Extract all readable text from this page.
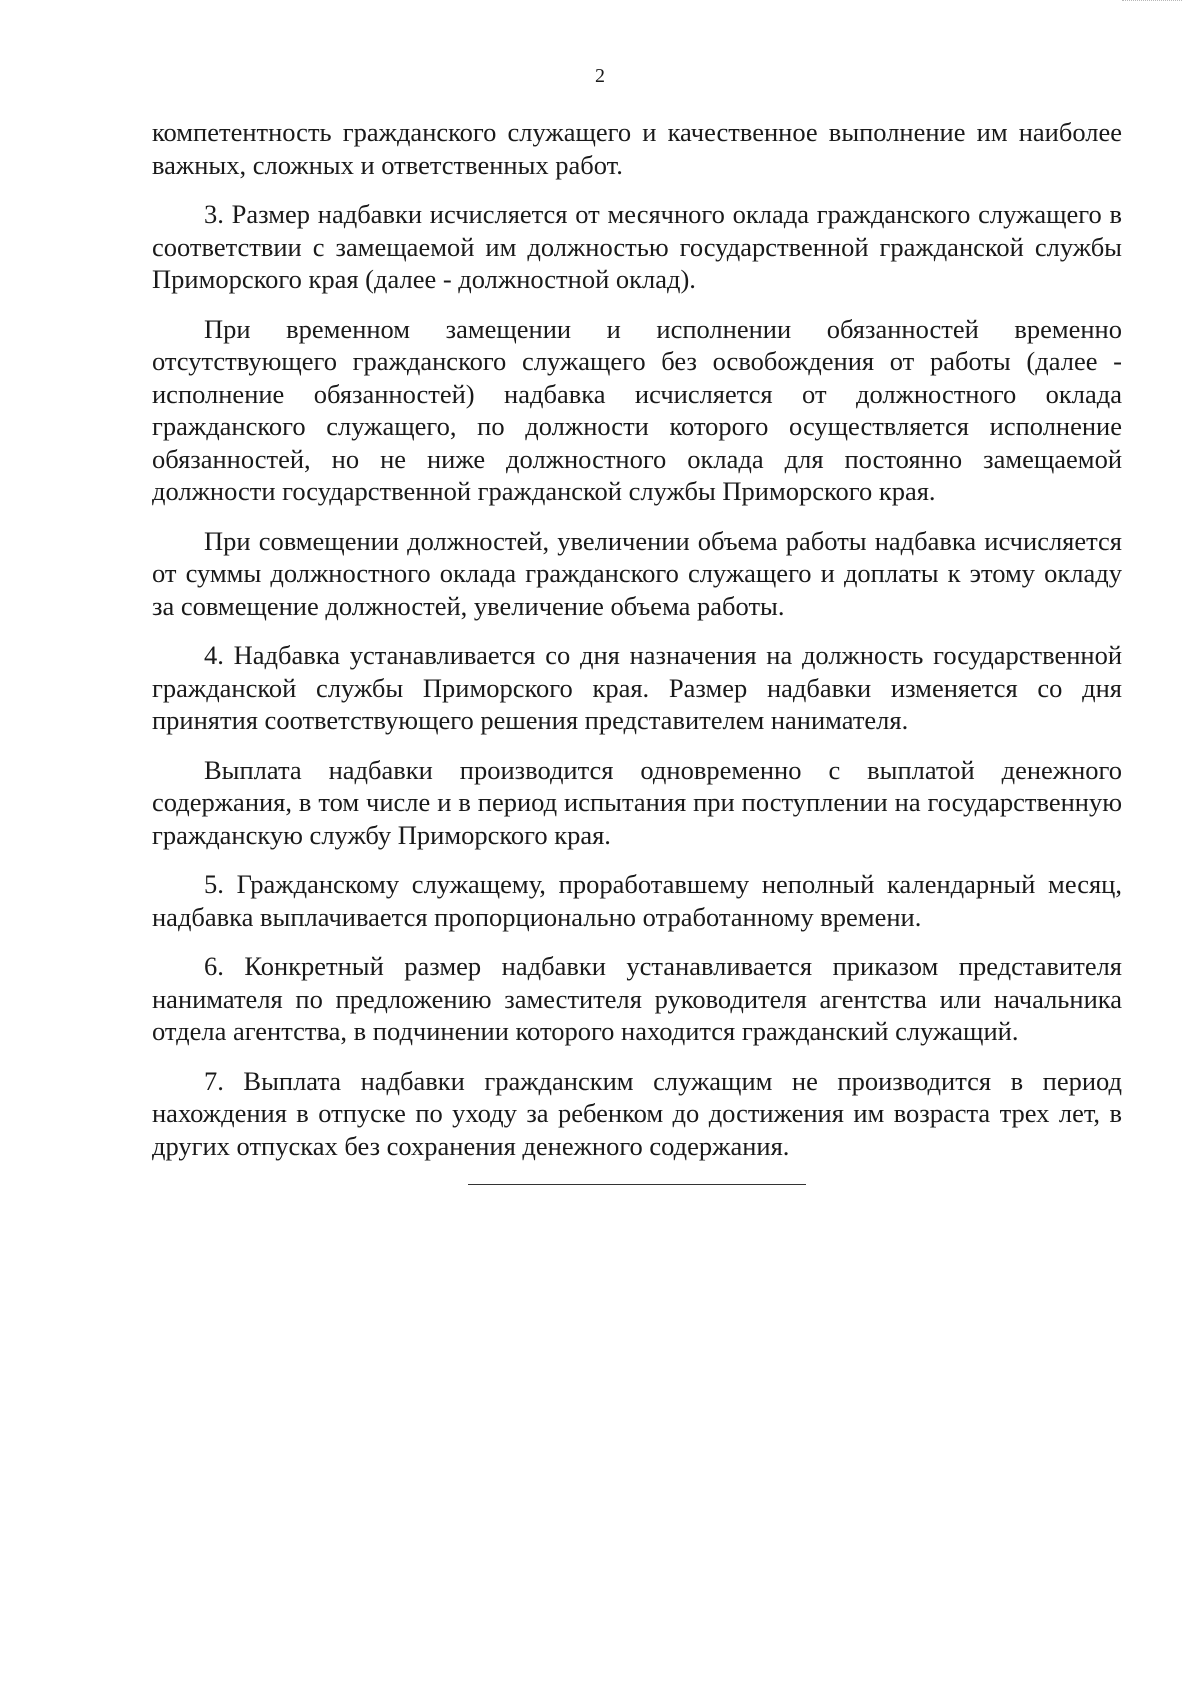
2

компетентность гражданского служащего и качественное выполнение им наиболее важных, сложных и ответственных работ.

3. Размер надбавки исчисляется от месячного оклада гражданского служащего в соответствии с замещаемой им должностью государственной гражданской службы Приморского края (далее - должностной оклад).

При временном замещении и исполнении обязанностей временно отсутствующего гражданского служащего без освобождения от работы (далее - исполнение обязанностей) надбавка исчисляется от должностного оклада гражданского служащего, по должности которого осуществляется исполнение обязанностей, но не ниже должностного оклада для постоянно замещаемой должности государственной гражданской службы Приморского края.

При совмещении должностей, увеличении объема работы надбавка исчисляется от суммы должностного оклада гражданского служащего и доплаты к этому окладу за совмещение должностей, увеличение объема работы.

4. Надбавка устанавливается со дня назначения на должность государственной гражданской службы Приморского края. Размер надбавки изменяется со дня принятия соответствующего решения представителем нанимателя.

Выплата надбавки производится одновременно с выплатой денежного содержания, в том числе и в период испытания при поступлении на государственную гражданскую службу Приморского края.

5. Гражданскому служащему, проработавшему неполный календарный месяц, надбавка выплачивается пропорционально отработанному времени.

6. Конкретный размер надбавки устанавливается приказом представителя нанимателя по предложению заместителя руководителя агентства или начальника отдела агентства, в подчинении которого находится гражданский служащий.

7. Выплата надбавки гражданским служащим не производится в период нахождения в отпуске по уходу за ребенком до достижения им возраста трех лет, в других отпусках без сохранения денежного содержания.
